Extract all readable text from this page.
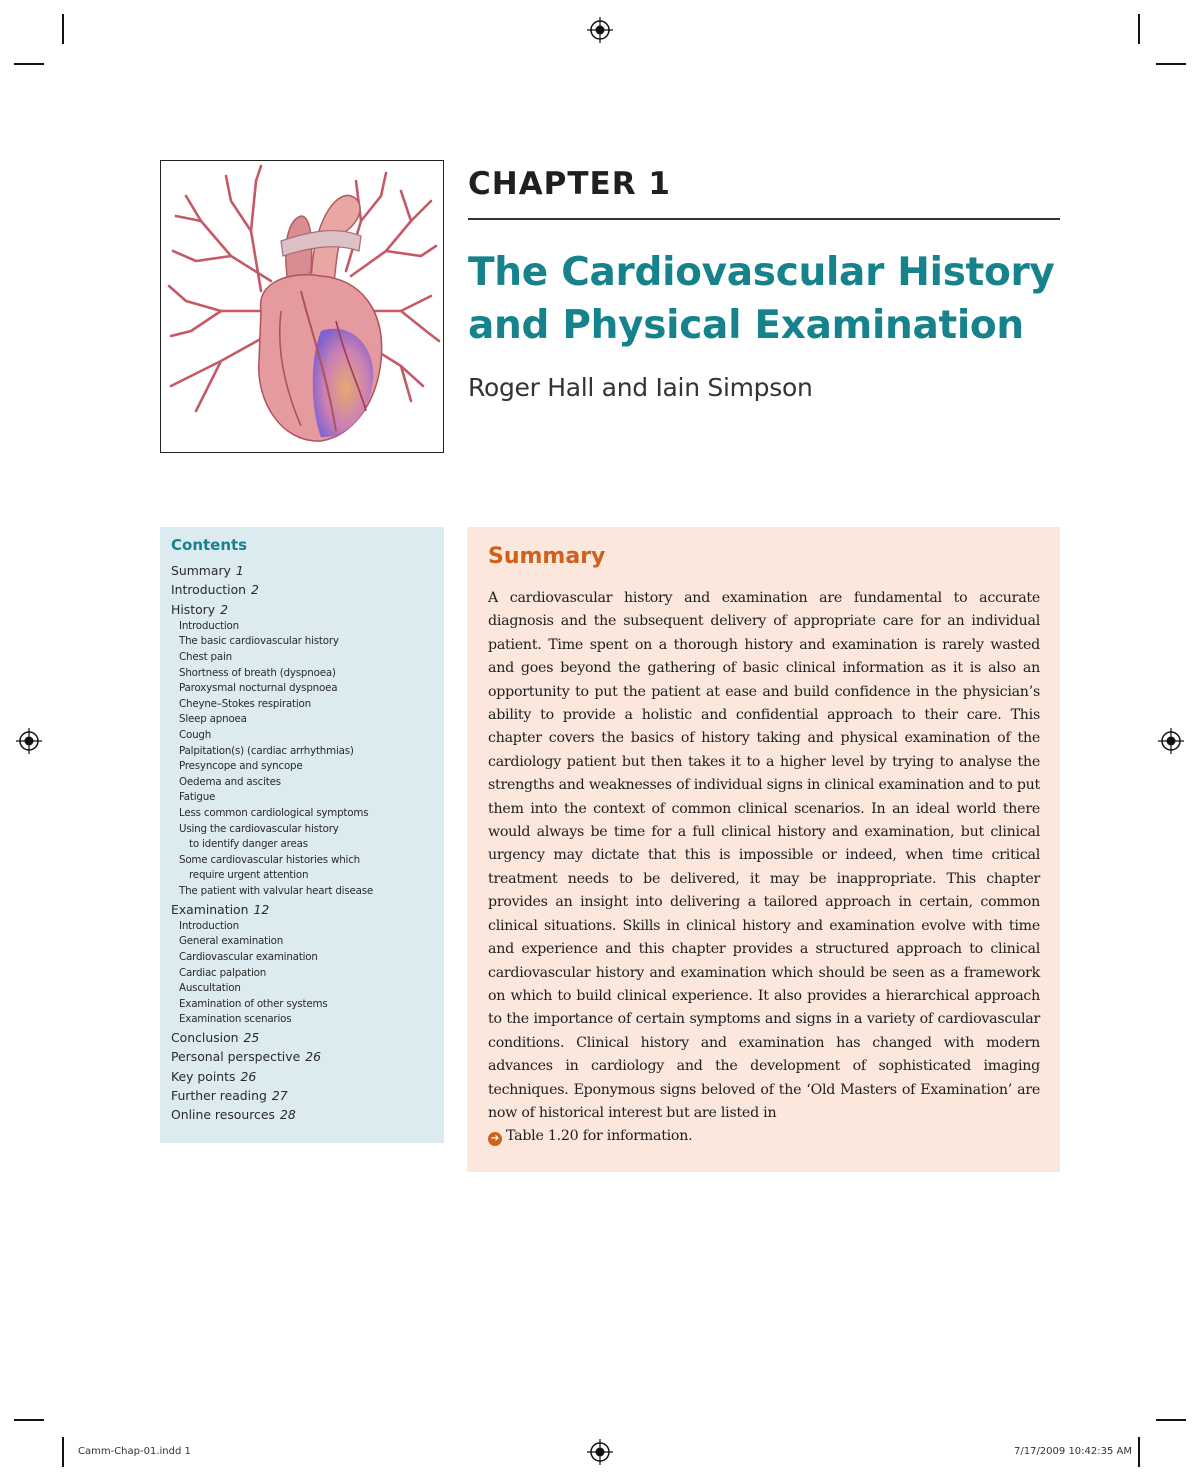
CHAPTER 1
The Cardiovascular History
and Physical Examination
Roger Hall and Iain Simpson
Contents
Summary 1
Introduction 2
History 2
Introduction
The basic cardiovascular history
Chest pain
Shortness of breath (dyspnoea)
Paroxysmal nocturnal dyspnoea
Cheyne–Stokes respiration
Sleep apnoea
Cough
Palpitation(s) (cardiac arrhythmias)
Presyncope and syncope
Oedema and ascites
Fatigue
Less common cardiological symptoms
Using the cardiovascular history
to identify danger areas
Some cardiovascular histories which
require urgent attention
The patient with valvular heart disease
Examination 12
Introduction
General examination
Cardiovascular examination
Cardiac palpation
Auscultation
Examination of other systems
Examination scenarios
Conclusion 25
Personal perspective 26
Key points 26
Further reading 27
Online resources 28
Summary

A cardiovascular history and examination are fundamental to accurate diagnosis and the subsequent delivery of appropriate care for an individual patient. Time spent on a thorough history and examination is rarely wasted and goes beyond the gathering of basic clinical information as it is also an opportunity to put the patient at ease and build confidence in the physician’s ability to provide a holistic and confidential approach to their care. This chapter covers the basics of history taking and physical examination of the cardiology patient but then takes it to a higher level by trying to analyse the strengths and weaknesses of individual signs in clinical examination and to put them into the context of common clinical scenarios. In an ideal world there would always be time for a full clinical history and examination, but clinical urgency may dictate that this is impossible or indeed, when time critical treatment needs to be delivered, it may be inappropriate. This chapter provides an insight into delivering a tailored approach in certain, common clinical situations. Skills in clinical history and examination evolve with time and experience and this chapter provides a structured approach to clinical cardiovascular history and examination which should be seen as a framework on which to build clinical experience. It also provides a hierarchical approach to the importance of certain symptoms and signs in a variety of cardiovascular conditions. Clinical history and examination has changed with modern advances in cardiology and the development of sophisticated imaging techniques. Eponymous signs beloved of the ‘Old Masters of Examination’ are now of historical interest but are listed in
➔ Table 1.20 for information.

Camm-Chap-01.indd 1	7/17/2009 10:42:35 AM
